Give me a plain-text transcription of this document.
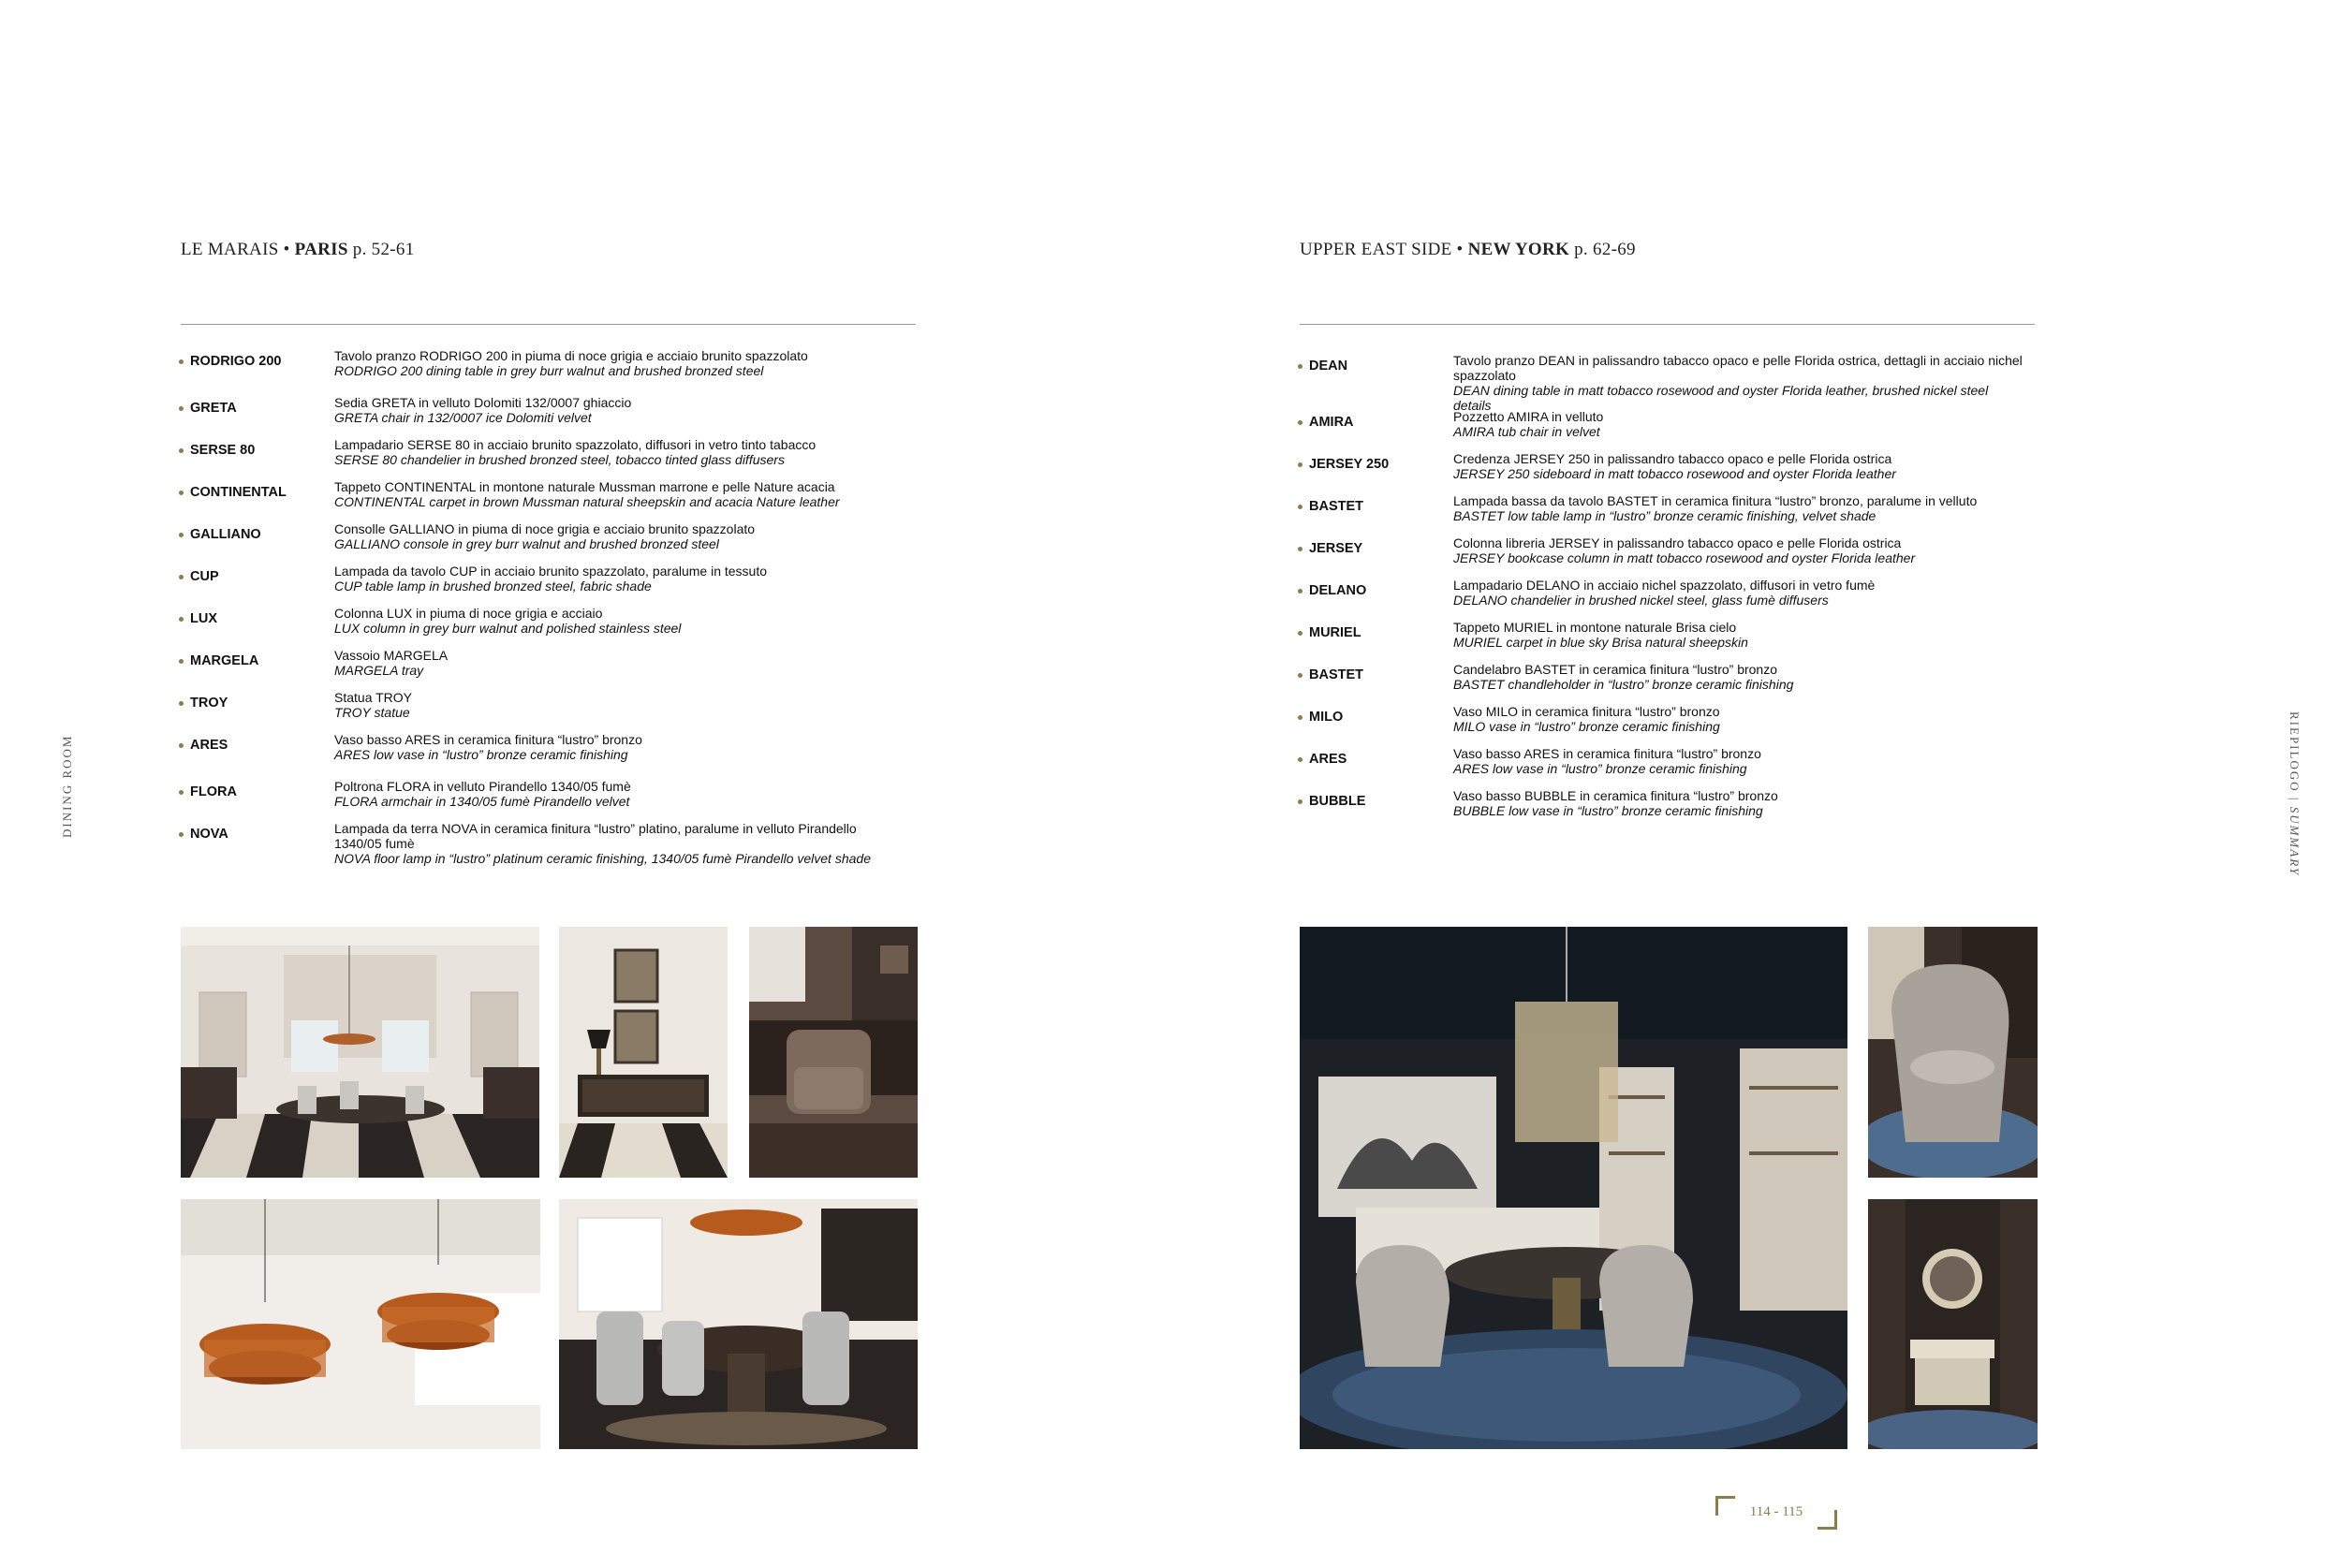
DINING ROOM	RIEPILOGO | SUMMARY
LE MARAIS • PARIS p. 52-61
RODRIGO 200	Tavolo pranzo RODRIGO 200 in piuma di noce grigia e acciaio brunito spazzolato
RODRIGO 200 dining table in grey burr walnut and brushed bronzed steel
GRETA	Sedia GRETA in velluto Dolomiti 132/0007 ghiaccio
GRETA chair in 132/0007 ice Dolomiti velvet
SERSE 80	Lampadario SERSE 80 in acciaio brunito spazzolato, diffusori in vetro tinto tabacco
SERSE 80 chandelier in brushed bronzed steel, tobacco tinted glass diffusers
CONTINENTAL	Tappeto CONTINENTAL in montone naturale Mussman marrone e pelle Nature acacia
CONTINENTAL carpet in brown Mussman natural sheepskin and acacia Nature leather
GALLIANO	Consolle GALLIANO in piuma di noce grigia e acciaio brunito spazzolato
GALLIANO console in grey burr walnut and brushed bronzed steel
CUP	Lampada da tavolo CUP in acciaio brunito spazzolato, paralume in tessuto
CUP table lamp in brushed bronzed steel, fabric shade
LUX	Colonna LUX in piuma di noce grigia e acciaio
LUX column in grey burr walnut and polished stainless steel
MARGELA	Vassoio MARGELA
MARGELA tray
TROY	Statua TROY
TROY statue
ARES	Vaso basso ARES in ceramica finitura “lustro” bronzo
ARES low vase in “lustro” bronze ceramic finishing
FLORA	Poltrona FLORA in velluto Pirandello 1340/05 fumè
FLORA armchair in 1340/05 fumè Pirandello velvet
NOVA	Lampada da terra NOVA in ceramica finitura “lustro” platino, paralume in velluto Pirandello 1340/05 fumè
NOVA floor lamp in “lustro” platinum ceramic finishing, 1340/05 fumè Pirandello velvet shade
UPPER EAST SIDE • NEW YORK p. 62-69
DEAN	Tavolo pranzo DEAN in palissandro tabacco opaco e pelle Florida ostrica, dettagli in acciaio nichel spazzolato
DEAN dining table in matt tobacco rosewood and oyster Florida leather, brushed nickel steel details
AMIRA	Pozzetto AMIRA in velluto
AMIRA tub chair in velvet
JERSEY 250	Credenza JERSEY 250 in palissandro tabacco opaco e pelle Florida ostrica
JERSEY 250 sideboard in matt tobacco rosewood and oyster Florida leather
BASTET	Lampada bassa da tavolo BASTET in ceramica finitura “lustro” bronzo, paralume in velluto
BASTET low table lamp in “lustro” bronze ceramic finishing, velvet shade
JERSEY	Colonna libreria JERSEY in palissandro tabacco opaco e pelle Florida ostrica
JERSEY bookcase column in matt tobacco rosewood and oyster Florida leather
DELANO	Lampadario DELANO in acciaio nichel spazzolato, diffusori in vetro fumè
DELANO chandelier in brushed nickel steel, glass fumè diffusers
MURIEL	Tappeto MURIEL in montone naturale Brisa cielo
MURIEL carpet in blue sky Brisa natural sheepskin
BASTET	Candelabro BASTET in ceramica finitura “lustro” bronzo
BASTET chandleholder in “lustro” bronze ceramic finishing
MILO	Vaso MILO in ceramica finitura “lustro” bronzo
MILO vase in “lustro” bronze ceramic finishing
ARES	Vaso basso ARES in ceramica finitura “lustro” bronzo
ARES low vase in “lustro” bronze ceramic finishing
BUBBLE	Vaso basso BUBBLE in ceramica finitura “lustro” bronzo
BUBBLE low vase in “lustro” bronze ceramic finishing
114 - 115
